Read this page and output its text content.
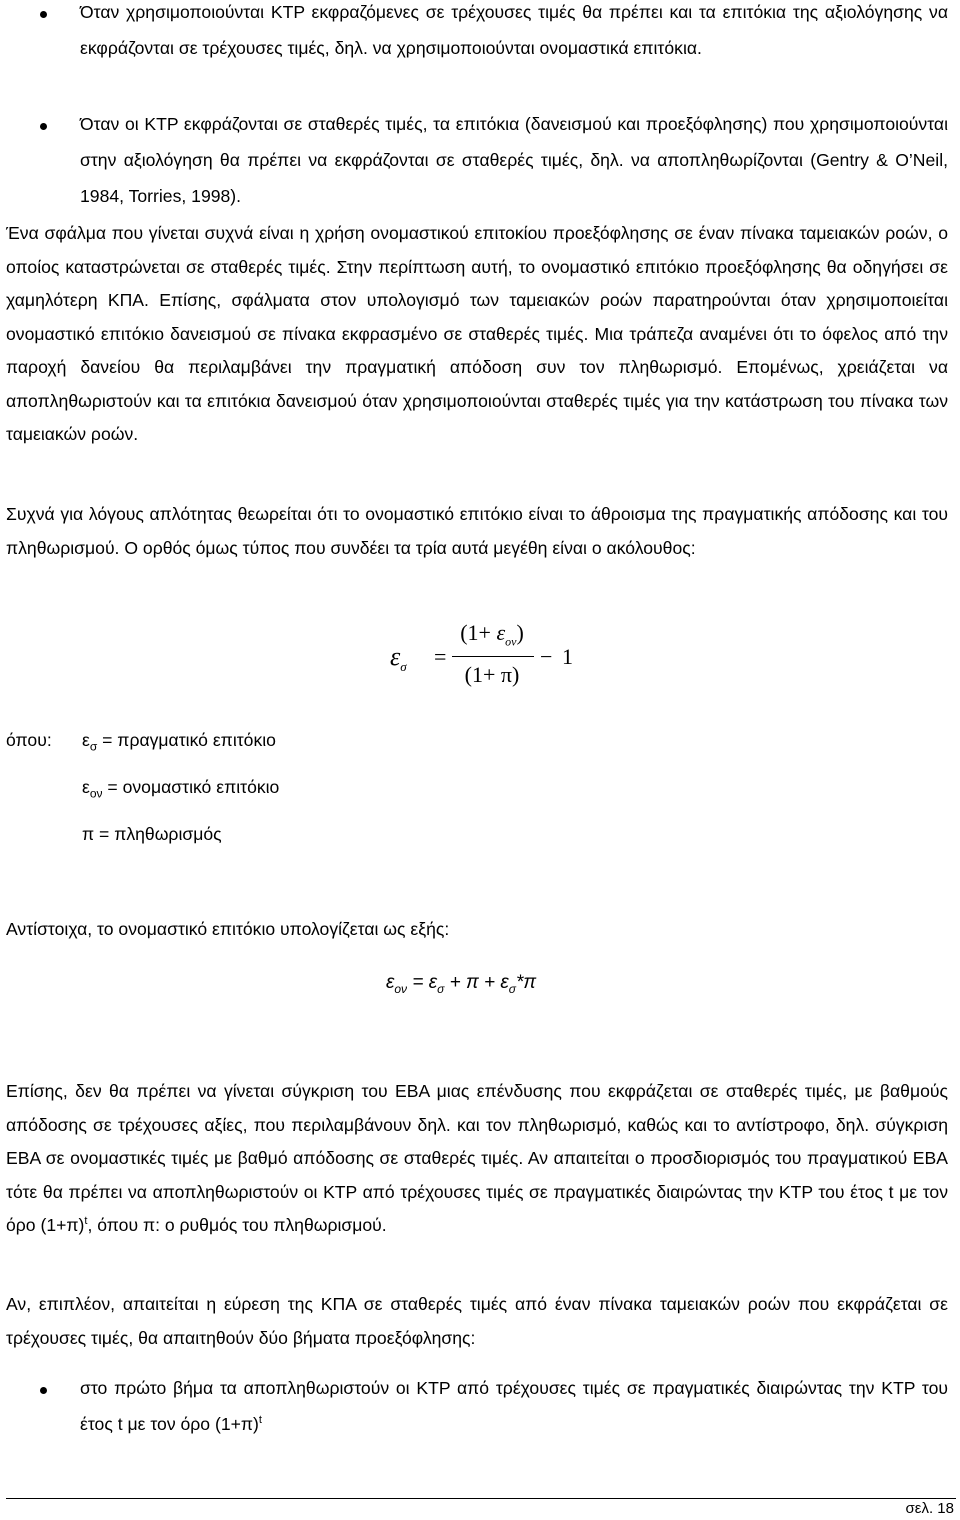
Όταν χρησιμοποιούνται ΚΤΡ εκφραζόμενες σε τρέχουσες τιμές θα πρέπει και τα επιτόκια της αξιολόγησης να εκφράζονται σε τρέχουσες τιμές, δηλ. να χρησιμοποιούνται ονομαστικά επιτόκια.

Όταν οι ΚΤΡ εκφράζονται σε σταθερές τιμές, τα επιτόκια (δανεισμού και προεξόφλησης) που χρησιμοποιούνται στην αξιολόγηση θα πρέπει να εκφράζονται σε σταθερές τιμές, δηλ. να αποπληθωρίζονται (Gentry & O’Neil, 1984, Torries, 1998).

Ένα σφάλμα που γίνεται συχνά είναι η χρήση ονομαστικού επιτοκίου προεξόφλησης σε έναν πίνακα ταμειακών ροών, ο οποίος καταστρώνεται σε σταθερές τιμές. Στην περίπτωση αυτή, το ονομαστικό επιτόκιο προεξόφλησης θα οδηγήσει σε χαμηλότερη ΚΠΑ. Επίσης, σφάλματα στον υπολογισμό των ταμειακών ροών παρατηρούνται όταν χρησιμοποιείται ονομαστικό επιτόκιο δανεισμού σε πίνακα εκφρασμένο σε σταθερές τιμές. Μια τράπεζα αναμένει ότι το όφελος από την παροχή δανείου θα περιλαμβάνει την πραγματική απόδοση συν τον πληθωρισμό. Επομένως, χρειάζεται να αποπληθωριστούν και τα επιτόκια δανεισμού όταν χρησιμοποιούνται σταθερές τιμές για την κατάστρωση του πίνακα των ταμειακών ροών.

Συχνά για λόγους απλότητας θεωρείται ότι το ονομαστικό επιτόκιο είναι το άθροισμα της πραγματικής απόδοσης και του πληθωρισμού. Ο ορθός όμως τύπος που συνδέει τα τρία αυτά μεγέθη είναι ο ακόλουθος:

$\varepsilon_\sigma$ =
$(1+ \varepsilon_{o\nu})$
(1+ π)
− 1
όπου: $\varepsilon_\sigma = \pi\rho\alpha\gamma\mu\alpha\tau\iota\kappa ό$ επιτόκιο
$\varepsilon_{o\nu} = o\nu o\mu\alpha\sigma\tau\iota\kappa ό$ επιτόκιο
π = πληθωρισμός

Αντίστοιχα, το ονομαστικό επιτόκιο υπολογίζεται ως εξής:

$\varepsilon_{o\nu} = \varepsilon_\sigma + \pi + \varepsilon_\sigma*\pi$

Επίσης, δεν θα πρέπει να γίνεται σύγκριση του ΕΒΑ μιας επένδυσης που εκφράζεται σε σταθερές τιμές, με βαθμούς απόδοσης σε τρέχουσες αξίες, που περιλαμβάνουν δηλ. και τον πληθωρισμό, καθώς και το αντίστροφο, δηλ. σύγκριση ΕΒΑ σε ονομαστικές τιμές με βαθμό απόδοσης σε σταθερές τιμές. Αν απαιτείται ο προσδιορισμός του πραγματικού ΕΒΑ τότε θα πρέπει να αποπληθωριστούν οι ΚΤΡ από τρέχουσες τιμές σε πραγματικές διαιρώντας την ΚΤΡ του έτος t με τον όρο $(1+\pi)^t$, όπου π: ο ρυθμός του πληθωρισμού.

Αν, επιπλέον, απαιτείται η εύρεση της ΚΠΑ σε σταθερές τιμές από έναν πίνακα ταμειακών ροών που εκφράζεται σε τρέχουσες τιμές, θα απαιτηθούν δύο βήματα προεξόφλησης:

στο πρώτο βήμα τα αποπληθωριστούν οι ΚΤΡ από τρέχουσες τιμές σε πραγματικές διαιρώντας την ΚΤΡ του έτος t με τον όρο $(1+\pi)^t$

σελ. 18
